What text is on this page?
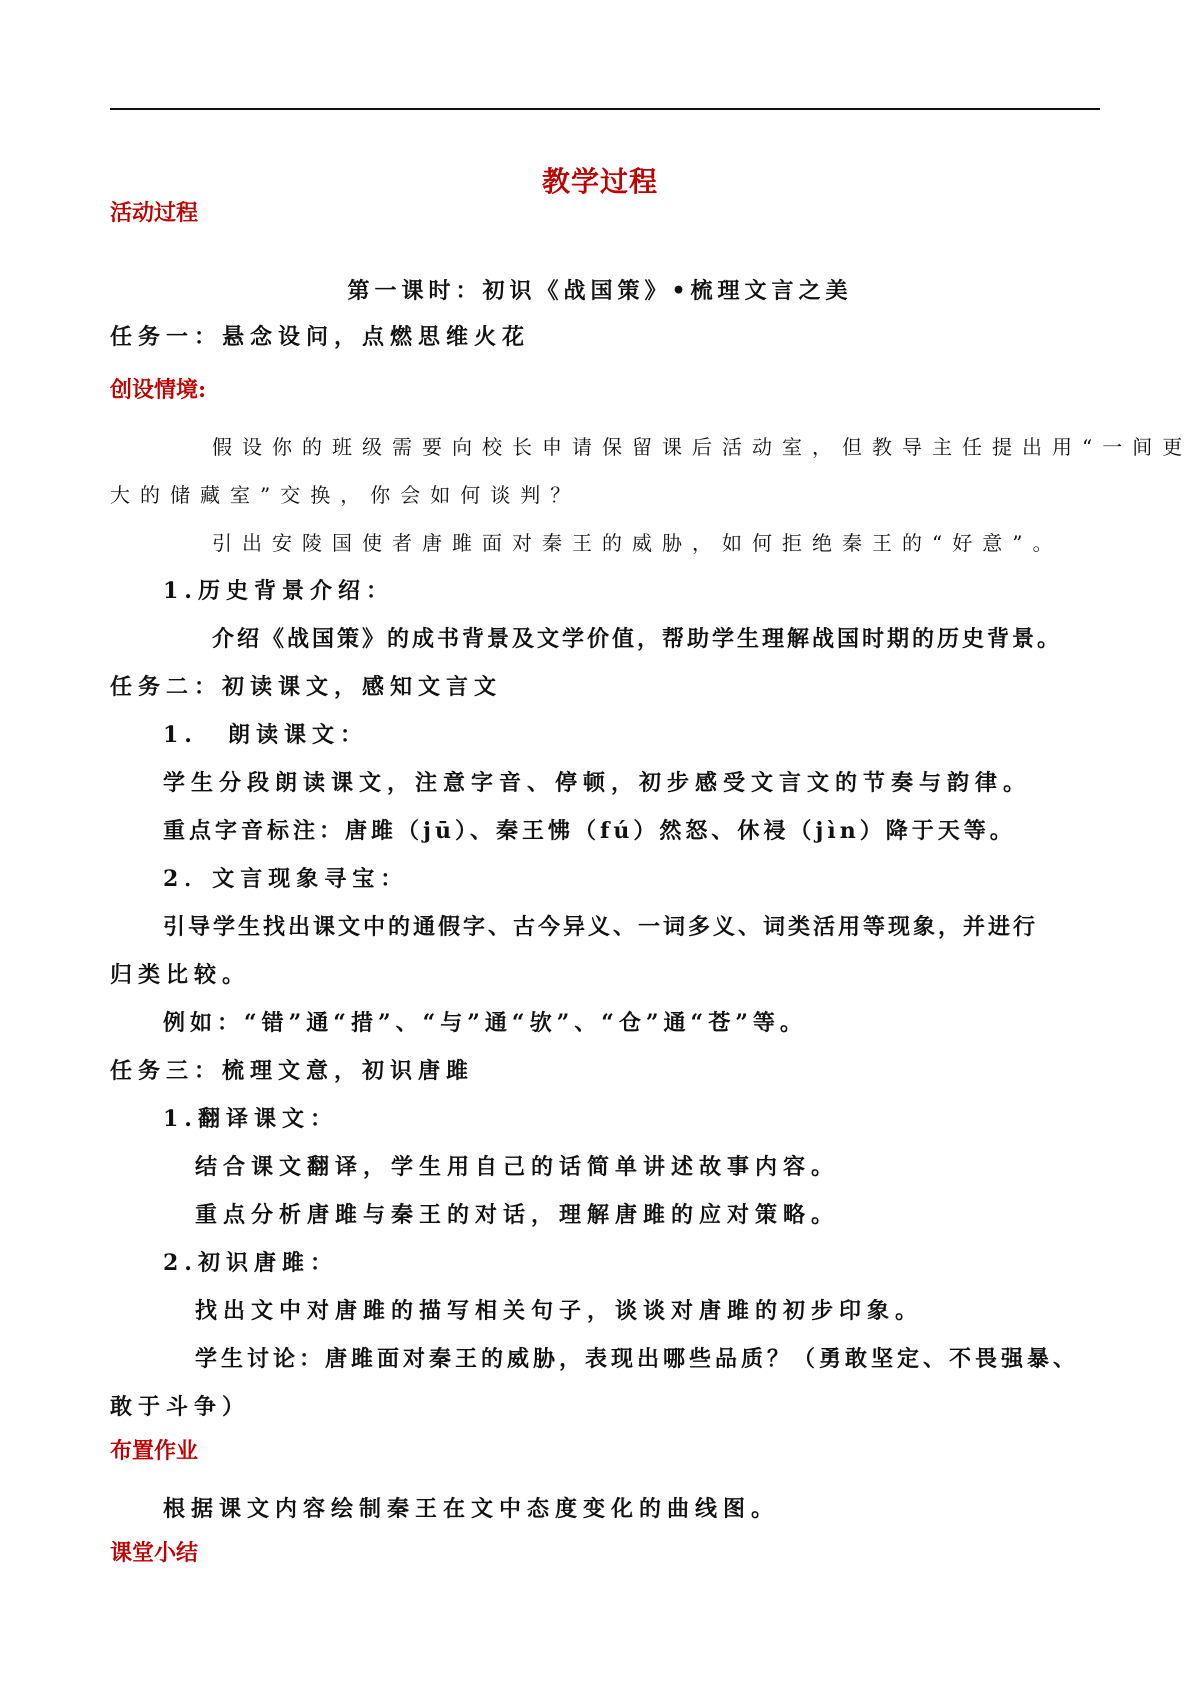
教学过程
活动过程
第一课时：初识《战国策》•梳理文言之美
任务一：悬念设问，点燃思维火花
创设情境:
假设你的班级需要向校长申请保留课后活动室，但教导主任提出用“一间更
大的储藏室”交换，你会如何谈判？
引出安陵国使者唐雎面对秦王的威胁，如何拒绝秦王的“好意”。
1.历史背景介绍：
介绍《战国策》的成书背景及文学价值，帮助学生理解战国时期的历史背景。
任务二：初读课文，感知文言文
1. 朗读课文：
学生分段朗读课文，注意字音、停顿，初步感受文言文的节奏与韵律。
重点字音标注：唐雎（jū）、秦王怫（fú）然怒、休祲（jìn）降于天等。
2．文言现象寻宝：
引导学生找出课文中的通假字、古今异义、一词多义、词类活用等现象，并进行
归类比较。
例如：“错”通“措”、“与”通“欤”、“仓”通“苍”等。
任务三：梳理文意，初识唐雎
1.翻译课文：
结合课文翻译，学生用自己的话简单讲述故事内容。
重点分析唐雎与秦王的对话，理解唐雎的应对策略。
2.初识唐雎：
找出文中对唐雎的描写相关句子，谈谈对唐雎的初步印象。
学生讨论：唐雎面对秦王的威胁，表现出哪些品质？（勇敢坚定、不畏强暴、
敢于斗争）
布置作业
根据课文内容绘制秦王在文中态度变化的曲线图。
课堂小结
